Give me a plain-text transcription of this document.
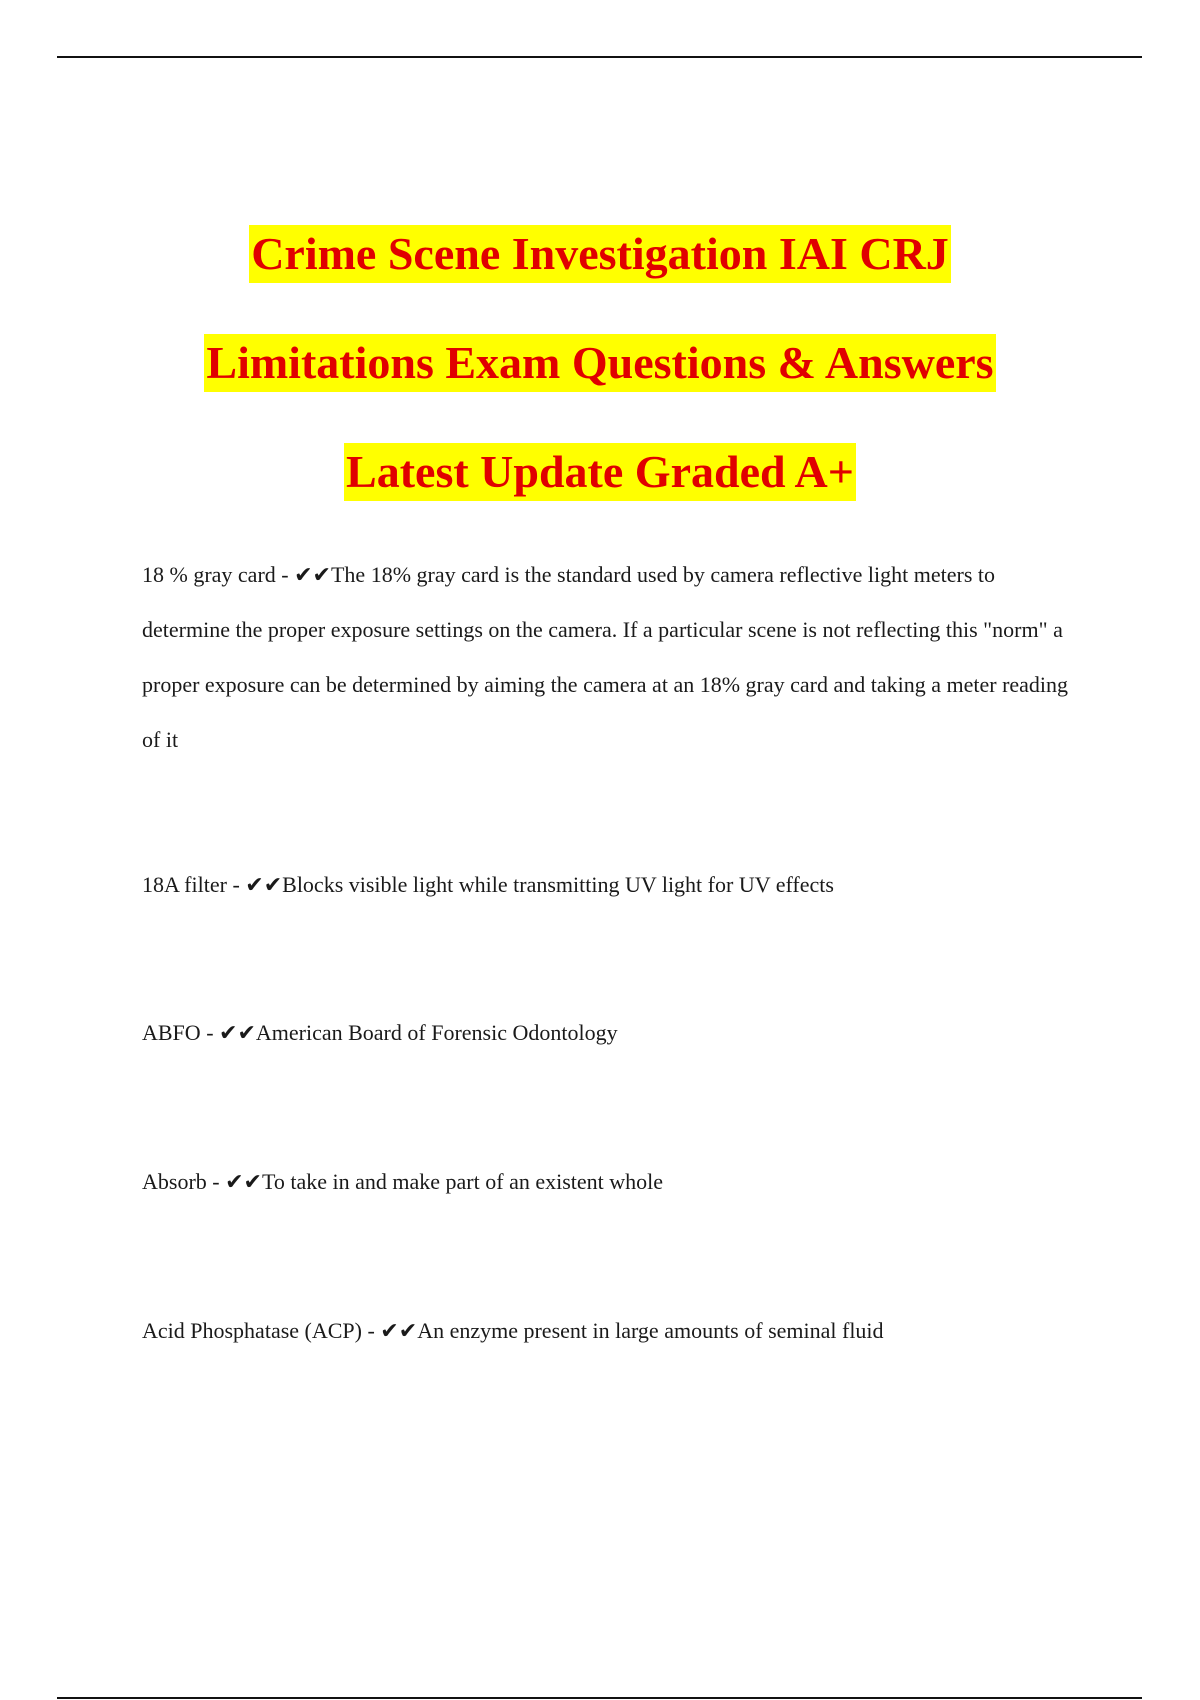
Crime Scene Investigation IAI CRJ
Limitations Exam Questions & Answers
Latest Update Graded A+
18 % gray card - ✔✔The 18% gray card is the standard used by camera reflective light meters to determine the proper exposure settings on the camera. If a particular scene is not reflecting this "norm" a proper exposure can be determined by aiming the camera at an 18% gray card and taking a meter reading of it
18A filter - ✔✔Blocks visible light while transmitting UV light for UV effects
ABFO - ✔✔American Board of Forensic Odontology
Absorb - ✔✔To take in and make part of an existent whole
Acid Phosphatase (ACP) - ✔✔An enzyme present in large amounts of seminal fluid
